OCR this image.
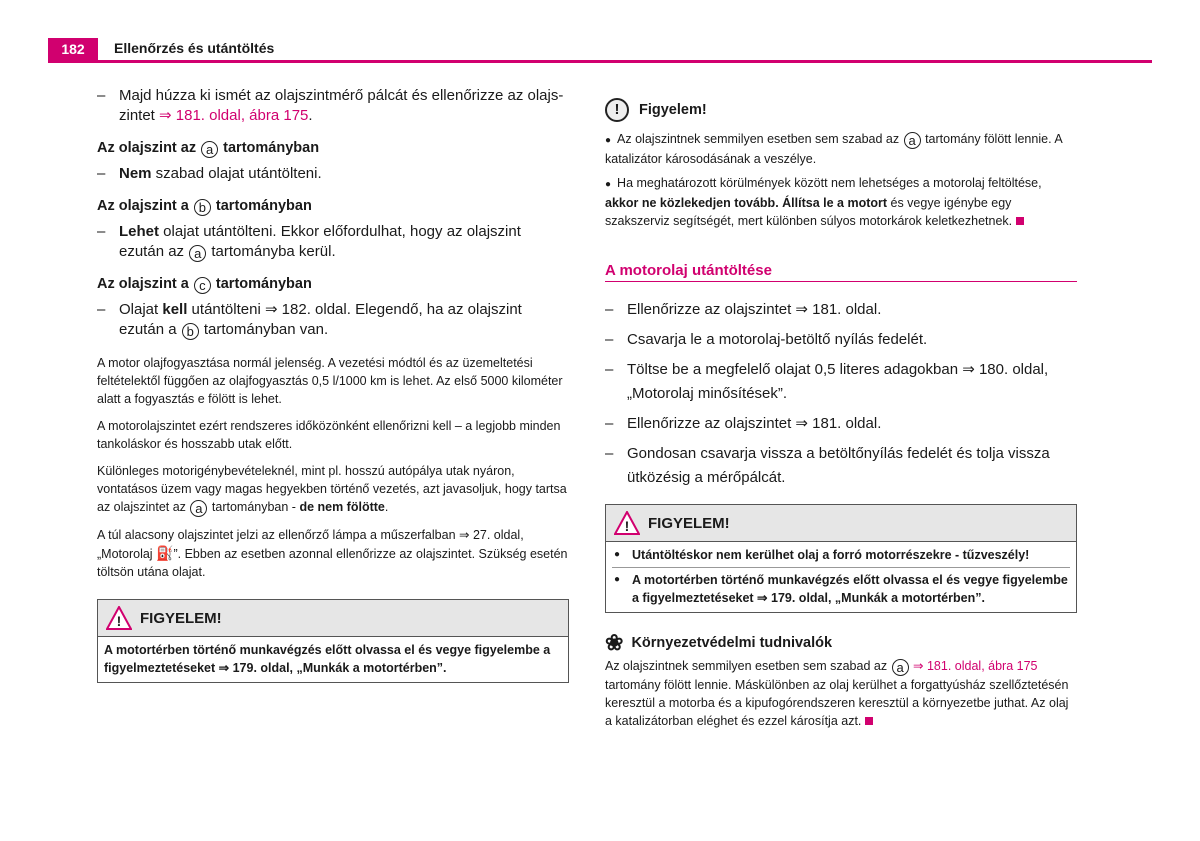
182	Ellenőrzés és utántöltés
– Majd húzza ki ismét az olajszintmérő pálcát és ellenőrizze az olajs-zintet ⇒ 181. oldal, ábra 175.
Az olajszint az a tartományban
– Nem szabad olajat utántölteni.
Az olajszint a b tartományban
– Lehet olajat utántölteni. Ekkor előfordulhat, hogy az olajszint ezután az a tartományba kerül.
Az olajszint a c tartományban
– Olajat kell utántölteni ⇒ 182. oldal. Elegendő, ha az olajszint ezután a b tartományban van.

A motor olajfogyasztása normál jelenség. A vezetési módtól és az üzemeltetési feltételektől függően az olajfogyasztás 0,5 l/1000 km is lehet. Az első 5000 kilométer alatt a fogyasztás e fölött is lehet.

A motorolajszintet ezért rendszeres időközönként ellenőrizni kell – a legjobb minden tankoláskor és hosszabb utak előtt.

Különleges motorigénybevételeknél, mint pl. hosszú autópálya utak nyáron, vontatásos üzem vagy magas hegyekben történő vezetés, azt javasoljuk, hogy tartsa az olajszintet az a tartományban - de nem fölötte.

A túl alacsony olajszintet jelzi az ellenőrző lámpa a műszerfalban ⇒ 27. oldal, „Motorolaj ⛽”. Ebben az esetben azonnal ellenőrizze az olajszintet. Szükség esetén töltsön utána olajat.

! FIGYELEM!
A motortérben történő munkavégzés előtt olvassa el és vegye figyelembe a figyelmeztetéseket ⇒ 179. oldal, „Munkák a motortérben”.
!	Figyelem!
● Az olajszintnek semmilyen esetben sem szabad az a tartomány fölött lennie. A katalizátor károsodásának a veszélye.
● Ha meghatározott körülmények között nem lehetséges a motorolaj feltöltése, akkor ne közlekedjen tovább. Állítsa le a motort és vegye igénybe egy szakszerviz segítségét, mert különben súlyos motorkárok keletkezhetnek.
A motorolaj utántöltése
– Ellenőrizze az olajszintet ⇒ 181. oldal.
– Csavarja le a motorolaj-betöltő nyílás fedelét.
– Töltse be a megfelelő olajat 0,5 literes adagokban ⇒ 180. oldal, „Motorolaj minősítések”.
– Ellenőrizze az olajszintet ⇒ 181. oldal.
– Gondosan csavarja vissza a betöltőnyílás fedelét és tolja vissza ütközésig a mérőpálcát.
! FIGYELEM!
● Utántöltéskor nem kerülhet olaj a forró motorrészekre - tűzveszély!
● A motortérben történő munkavégzés előtt olvassa el és vegye figyelembe a figyelmeztetéseket ⇒ 179. oldal, „Munkák a motortérben”.
❀ Környezetvédelmi tudnivalók
Az olajszintnek semmilyen esetben sem szabad az a ⇒ 181. oldal, ábra 175 tartomány fölött lennie. Máskülönben az olaj kerülhet a forgattyúsház szellőztetésén keresztül a motorba és a kipufogórendszeren keresztül a környezetbe juthat. Az olaj a katalizátorban eléghet és ezzel károsítja azt.
